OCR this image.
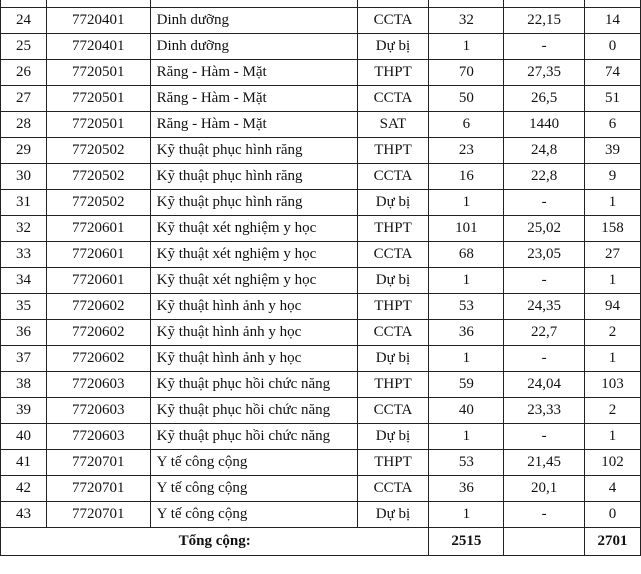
24	7720401	Dinh dưỡng	CCTA	32	22,15	14
25	7720401	Dinh dưỡng	Dự bị	1	-	0
26	7720501	Răng - Hàm - Mặt	THPT	70	27,35	74
27	7720501	Răng - Hàm - Mặt	CCTA	50	26,5	51
28	7720501	Răng - Hàm - Mặt	SAT	6	1440	6
29	7720502	Kỹ thuật phục hình răng	THPT	23	24,8	39
30	7720502	Kỹ thuật phục hình răng	CCTA	16	22,8	9
31	7720502	Kỹ thuật phục hình răng	Dự bị	1	-	1
32	7720601	Kỹ thuật xét nghiệm y học	THPT	101	25,02	158
33	7720601	Kỹ thuật xét nghiệm y học	CCTA	68	23,05	27
34	7720601	Kỹ thuật xét nghiệm y học	Dự bị	1	-	1
35	7720602	Kỹ thuật hình ảnh y học	THPT	53	24,35	94
36	7720602	Kỹ thuật hình ảnh y học	CCTA	36	22,7	2
37	7720602	Kỹ thuật hình ảnh y học	Dự bị	1	-	1
38	7720603	Kỹ thuật phục hồi chức năng	THPT	59	24,04	103
39	7720603	Kỹ thuật phục hồi chức năng	CCTA	40	23,33	2
40	7720603	Kỹ thuật phục hồi chức năng	Dự bị	1	-	1
41	7720701	Y tế công cộng	THPT	53	21,45	102
42	7720701	Y tế công cộng	CCTA	36	20,1	4
43	7720701	Y tế công cộng	Dự bị	1	-	0
Tổng cộng:				2515		2701
